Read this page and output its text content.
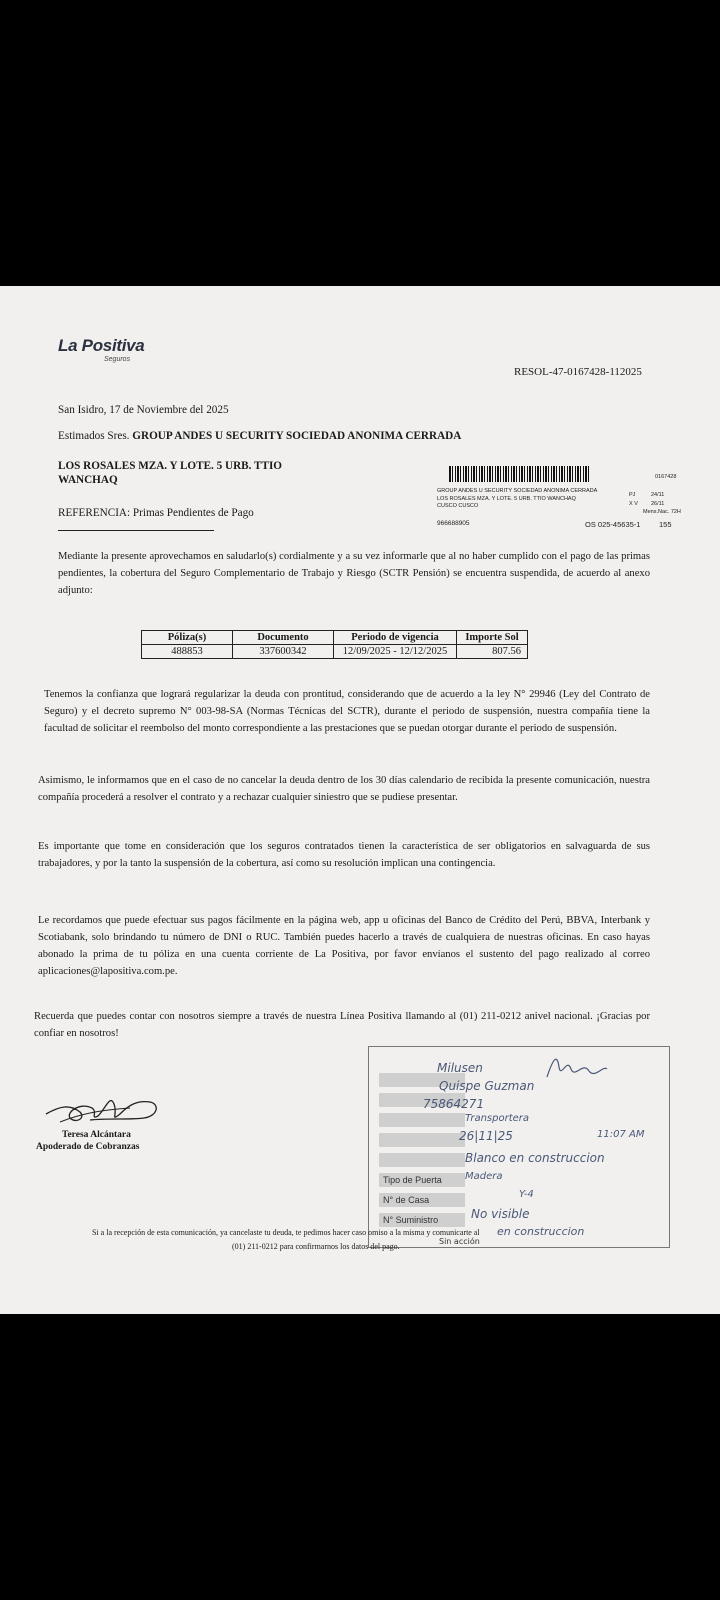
La Positiva
Seguros
RESOL-47-0167428-112025
San Isidro, 17 de Noviembre del 2025
Estimados Sres. GROUP ANDES U SECURITY SOCIEDAD ANONIMA CERRADA
LOS ROSALES MZA. Y LOTE. 5 URB. TTIO
WANCHAQ
REFERENCIA: Primas Pendientes de Pago
GROUP ANDES U SECURITY SOCIEDAD ANONIMA CERRADA
LOS ROSALES MZA. Y LOTE. 5 URB. TTIO WANCHAQ
CUSCO CUSCO
0167428
PJ	24/11
X V 26/11
Mens.Nac. 72H
966688905	OS 025-45635-1 155
Mediante la presente aprovechamos en saludarlo(s) cordialmente y a su vez informarle que al no haber cumplido con el pago de las primas pendientes, la cobertura del Seguro Complementario de Trabajo y Riesgo (SCTR Pensión) se encuentra suspendida, de acuerdo al anexo adjunto:
Póliza(s)	Documento	Periodo de vigencia	Importe Sol
488853	337600342	12/09/2025 - 12/12/2025	807.56
Tenemos la confianza que logrará regularizar la deuda con prontitud, considerando que de acuerdo a la ley N° 29946 (Ley del Contrato de Seguro) y el decreto supremo N° 003-98-SA (Normas Técnicas del SCTR), durante el periodo de suspensión, nuestra compañía tiene la facultad de solicitar el reembolso del monto correspondiente a las prestaciones que se puedan otorgar durante el periodo de suspensión.
Asimismo, le informamos que en el caso de no cancelar la deuda dentro de los 30 días calendario de recibida la presente comunicación, nuestra compañía procederá a resolver el contrato y a rechazar cualquier siniestro que se pudiese presentar.
Es importante que tome en consideración que los seguros contratados tienen la característica de ser obligatorios en salvaguarda de sus trabajadores, y por la tanto la suspensión de la cobertura, así como su resolución implican una contingencia.
Le recordamos que puede efectuar sus pagos fácilmente en la página web, app u oficinas del Banco de Crédito del Perú, BBVA, Interbank y Scotiabank, solo brindando tu número de DNI o RUC. También puedes hacerlo a través de cualquiera de nuestras oficinas. En caso hayas abonado la prima de tu póliza en una cuenta corriente de La Positiva, por favor envíanos el sustento del pago realizado al correo aplicaciones@lapositiva.com.pe.
Recuerda que puedes contar con nosotros siempre a través de nuestra Línea Positiva llamando al (01) 211-0212 anivel nacional. ¡Gracias por confiar en nosotros!
Teresa Alcántara
Apoderado de Cobranzas
Tipo de Puerta
N° de Casa
N° Suministro
Milusen
Quispe Guzman
75864271
Transportera
26|11|25	11:07 AM
Blanco en construccion
Madera
Y-4
No visible
en construccion
Sin acción
Si a la recepción de esta comunicación, ya cancelaste tu deuda, te pedimos hacer caso omiso a la misma y comunicarte al
(01) 211-0212 para confirmarnos los datos del pago.
